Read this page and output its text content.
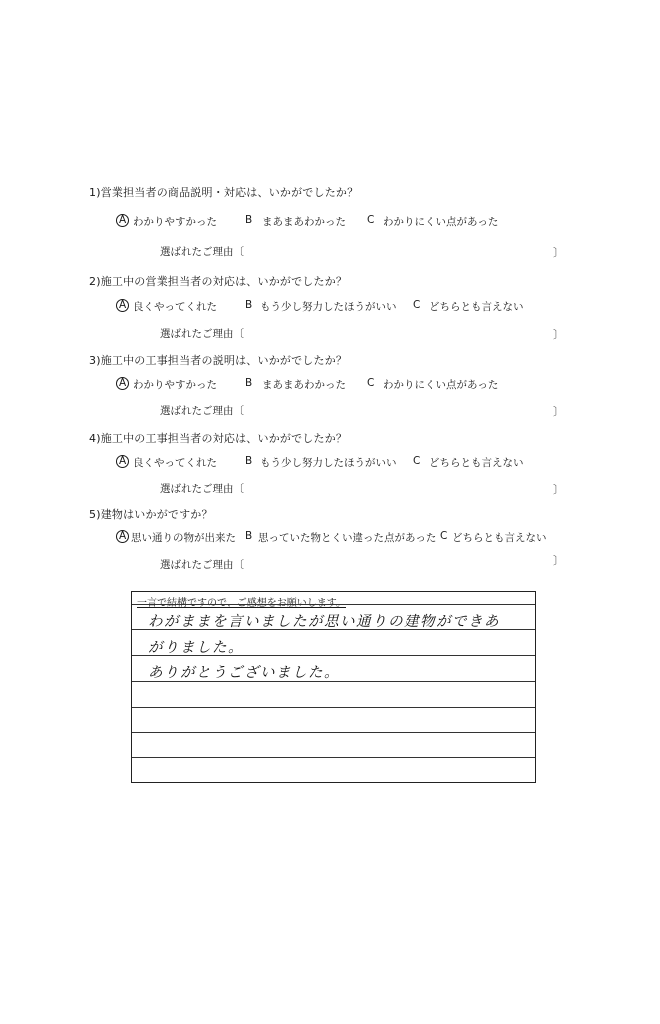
1)営業担当者の商品説明・対応は、いかがでしたか？
A わかりやすかった	B まあまあわかった C わかりにくい点があった
選ばれたご理由〔	〕
2)施工中の営業担当者の対応は、いかがでしたか？
A 良くやってくれた	B もう少し努力したほうがいい C どちらとも言えない
選ばれたご理由〔	〕
3)施工中の工事担当者の説明は、いかがでしたか？
A わかりやすかった	B まあまあわかった C わかりにくい点があった
選ばれたご理由〔	〕
4)施工中の工事担当者の対応は、いかがでしたか？
A 良くやってくれた	B もう少し努力したほうがいい C どちらとも言えない
選ばれたご理由〔	〕
5)建物はいかがですか？
A 思い通りの物が出来た B 思っていた物とくい違った点があった C どちらとも言えない
選ばれたご理由〔	〕
一言で結構ですので、ご感想をお願いします。
わがままを言いましたが思い通りの建物ができあがりました。
ありがとうございました。
